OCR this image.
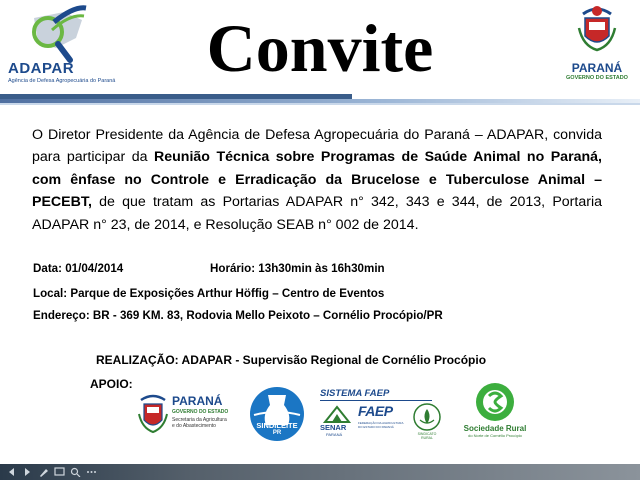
ADAPAR
Agência de Defesa Agropecuária do Paraná	Convite	PARANÁ
GOVERNO DO ESTADO
O Diretor Presidente da Agência de Defesa Agropecuária do Paraná – ADAPAR, convida para participar da Reunião Técnica sobre Programas de Saúde Animal no Paraná, com ênfase no Controle e Erradicação da Brucelose e Tuberculose Animal – PECEBT, de que tratam as Portarias ADAPAR n° 342, 343 e 344, de 2013, Portaria ADAPAR n° 23, de 2014, e Resolução SEAB n° 002 de 2014.
Data: 01/04/2014	Horário: 13h30min às 16h30min
Local: Parque de Exposições Arthur Höffig – Centro de Eventos
Endereço: BR - 369 KM. 83, Rodovia Mello Peixoto – Cornélio Procópio/PR
REALIZAÇÃO: ADAPAR - Supervisão Regional de Cornélio Procópio
APOIO:
PARANÁ
GOVERNO DO ESTADO
Secretaria da Agricultura
e do Abastecimento	SINDILEITE
PR
SISTEMA FAEP
SENAR
PARANÁ
FAEP
FEDERAÇÃO DA AGRICULTURA DO ESTADO DO PARANÁ
SINDICATO RURAL
Sociedade Rural
do Norte de Cornélio Procópio
